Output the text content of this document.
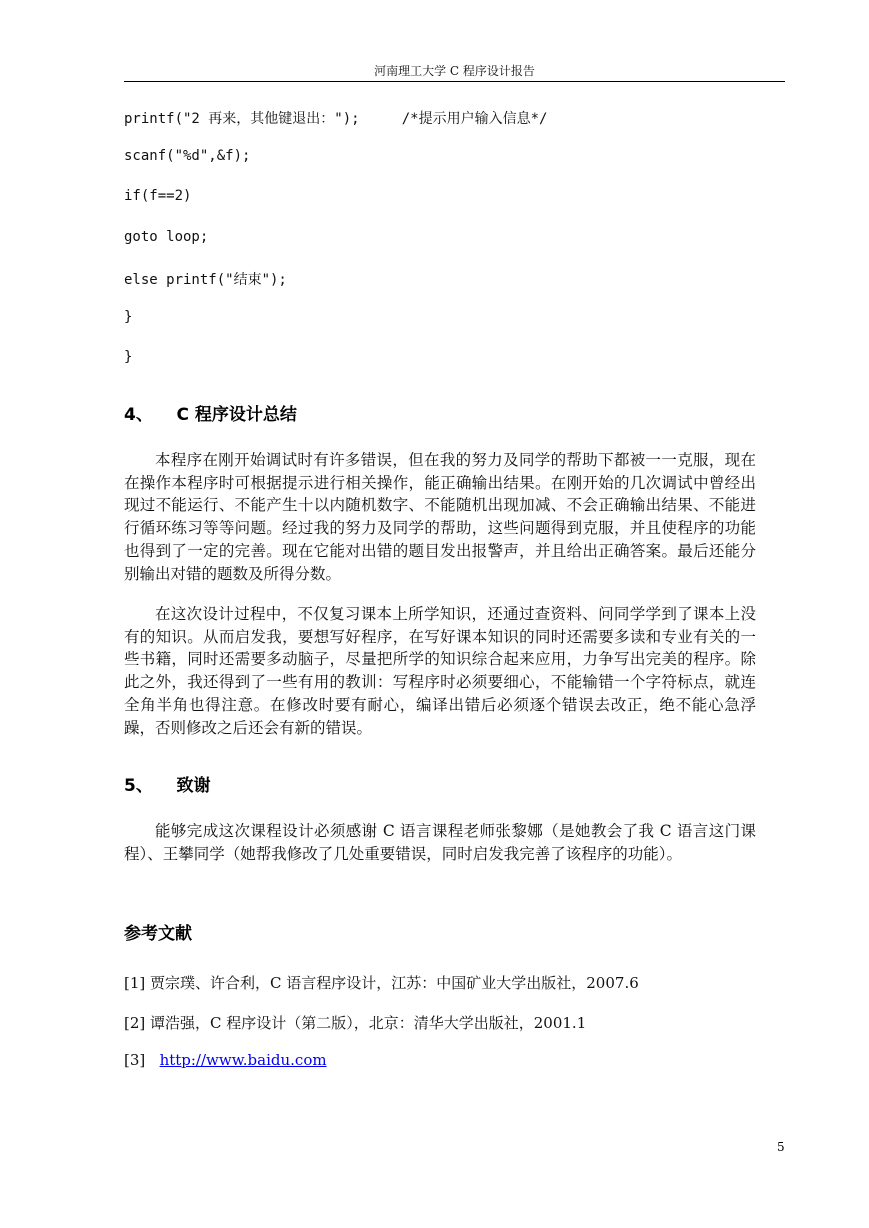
河南理工大学 C 程序设计报告
printf("2 再来，其他键退出：");     /*提示用户输入信息*/
scanf("%d",&f);
if(f==2)
goto loop;
else printf("结束");
}
}
4、    C 程序设计总结
本程序在刚开始调试时有许多错误，但在我的努力及同学的帮助下都被一一克服，现在在操作本程序时可根据提示进行相关操作，能正确输出结果。在刚开始的几次调试中曾经出现过不能运行、不能产生十以内随机数字、不能随机出现加减、不会正确输出结果、不能进行循环练习等等问题。经过我的努力及同学的帮助，这些问题得到克服，并且使程序的功能也得到了一定的完善。现在它能对出错的题目发出报警声，并且给出正确答案。最后还能分别输出对错的题数及所得分数。
在这次设计过程中，不仅复习课本上所学知识，还通过查资料、问同学学到了课本上没有的知识。从而启发我，要想写好程序，在写好课本知识的同时还需要多读和专业有关的一些书籍，同时还需要多动脑子，尽量把所学的知识综合起来应用，力争写出完美的程序。除此之外，我还得到了一些有用的教训：写程序时必须要细心，不能输错一个字符标点，就连全角半角也得注意。在修改时要有耐心，编译出错后必须逐个错误去改正，绝不能心急浮躁，否则修改之后还会有新的错误。
5、    致谢
能够完成这次课程设计必须感谢 C 语言课程老师张黎娜（是她教会了我 C 语言这门课程）、王攀同学（她帮我修改了几处重要错误，同时启发我完善了该程序的功能）。
参考文献
[1] 贾宗璞、许合利，C 语言程序设计，江苏：中国矿业大学出版社，2007.6
[2] 谭浩强，C 程序设计（第二版），北京：清华大学出版社，2001.1
[3] http://www.baidu.com
5
